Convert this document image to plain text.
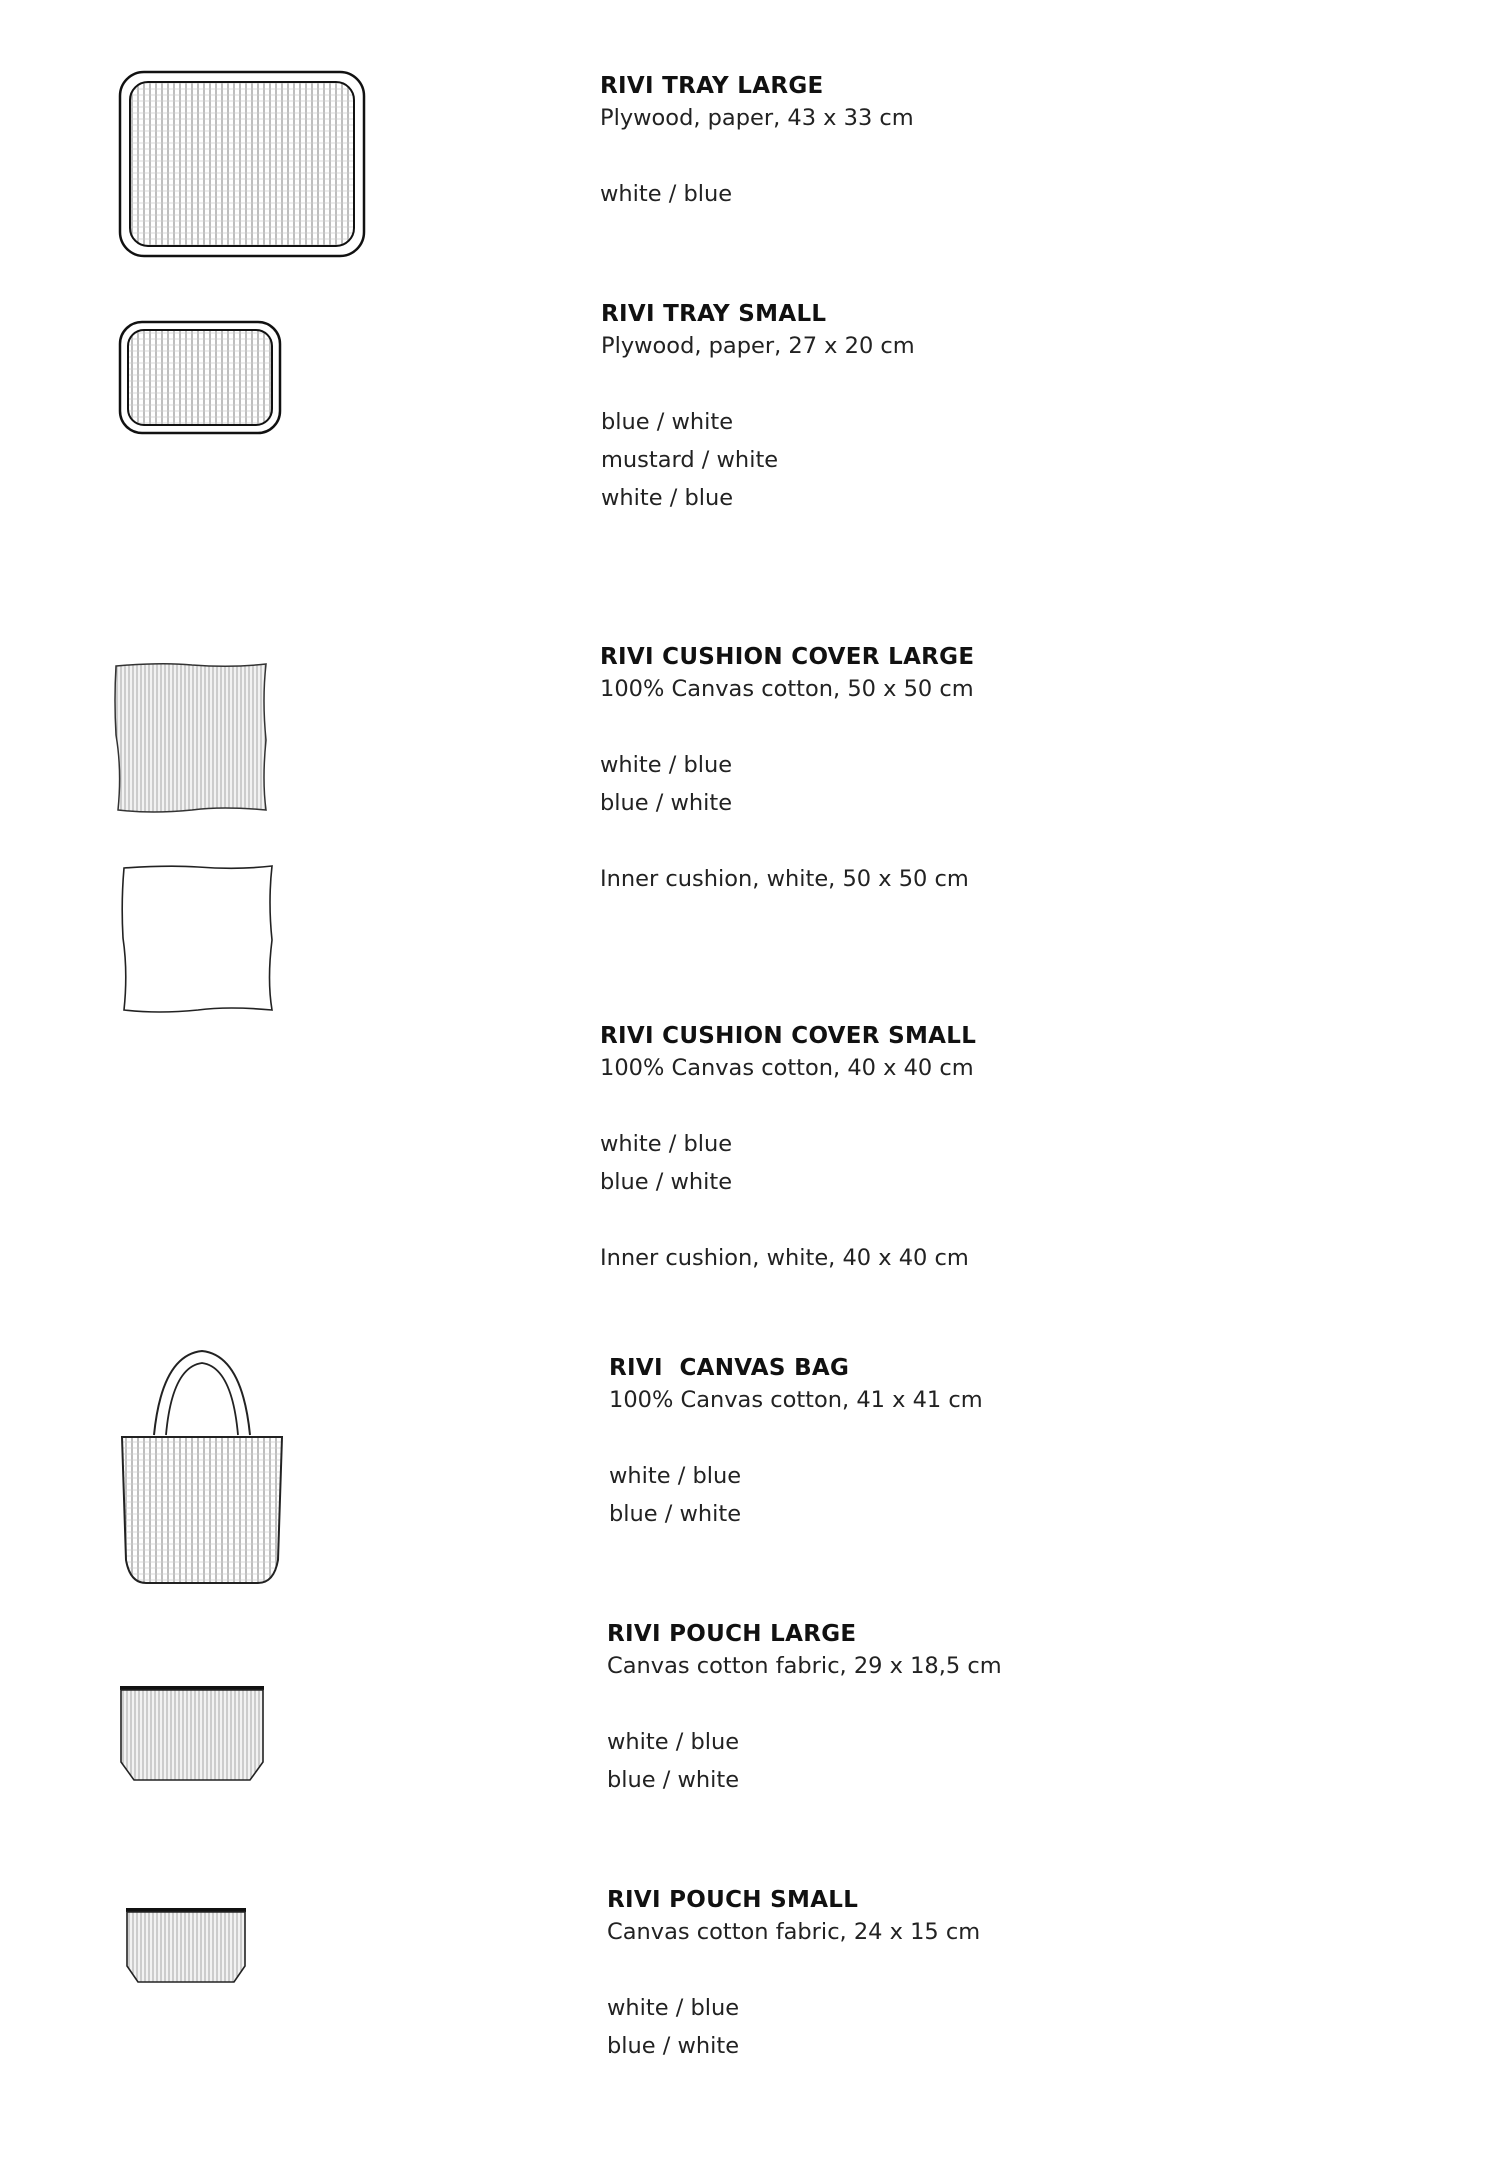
RIVI TRAY LARGE

Plywood, paper, 43 x 33 cm

white / blue

RIVI TRAY SMALL

Plywood, paper, 27 x 20 cm

blue / white

mustard / white

white / blue

RIVI CUSHION COVER LARGE

100% Canvas cotton, 50 x 50 cm

white / blue

blue / white

Inner cushion, white, 50 x 50 cm

RIVI CUSHION COVER SMALL

100% Canvas cotton, 40 x 40 cm

white / blue

blue / white

Inner cushion, white, 40 x 40 cm

RIVI  CANVAS BAG

100% Canvas cotton, 41 x 41 cm

white / blue

blue / white

RIVI POUCH LARGE

Canvas cotton fabric, 29 x 18,5 cm

white / blue

blue / white

RIVI POUCH SMALL

Canvas cotton fabric, 24 x 15 cm

white / blue

blue / white
